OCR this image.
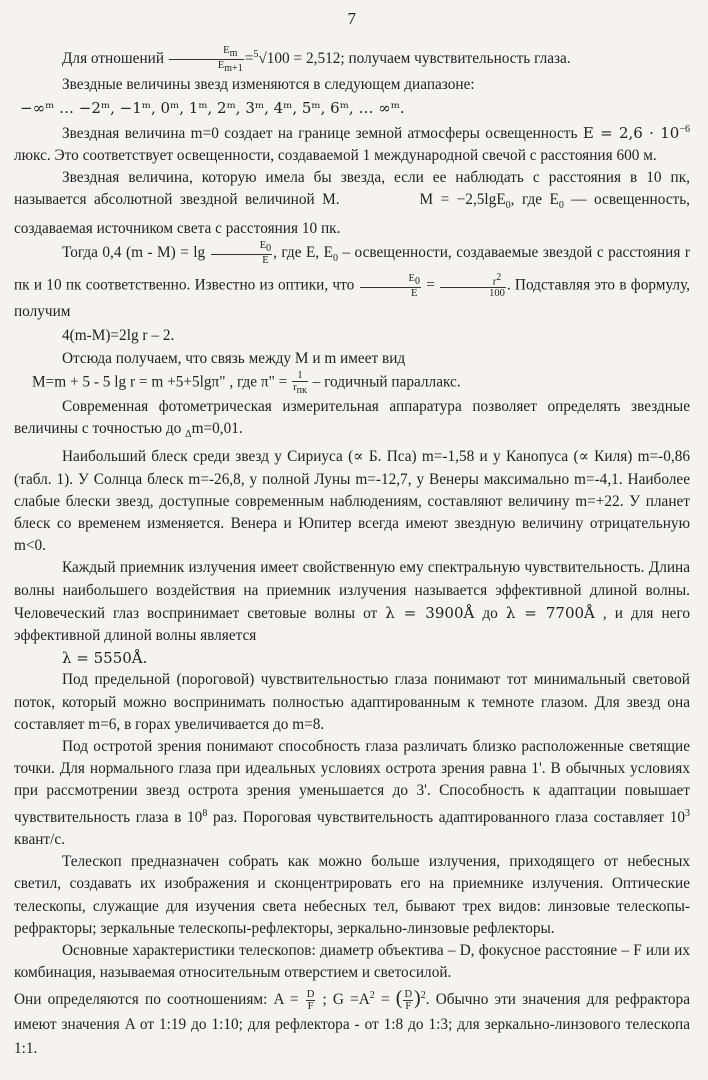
7

Для отношений $\frac{E_m}{E_{m+1}} =^5√100 = 2,512$; получаем чувствительность глаза.

Звездные величины звезд изменяются в следующем диапазоне:

−∞ᵐ … −2ᵐ, −1ᵐ, 0ᵐ, 1ᵐ, 2ᵐ, 3ᵐ, 4ᵐ, 5ᵐ, 6ᵐ, … ∞ᵐ.

Звездная величина m=0 создает на границе земной атмосферы освещенность $E = 2,6 \cdot 10^{-6}$ люкс. Это соответствует освещенности, создаваемой 1 международной свечой с расстояния 600 м.

Звездная величина, которую имела бы звезда, если ее наблюдать с расстояния в 10 пк, называется абсолютной звездной величиной M.	M = −2,5lgE$_0$, где $E_0$ — освещенность, создаваемая источником света с расстояния 10 пк.

Тогда 0,4 $(m - M) = \lg \frac{E_0}{E}$ , где E, $E_0$ – освещенности, создаваемые звездой с расстояния r пк и 10 пк соответственно. Известно из оптики, что $\frac{E_0}{E} = \frac{r^2}{100}$ . Подставляя это в формулу, получим

4(m-M)=2lg r – 2.

Отсюда получаем, что связь между M и m имеет вид

M=m + 5 - 5 lg r = m +5+5lgπ" , где π" = $\frac{1}{r_{пк}}$ – годичный параллакс.

Современная фотометрическая измерительная аппаратура позволяет определять звездные величины с точностью до $_\Delta$m=0,01.

Наибольший блеск среди звезд у Сириуса (∝ Б. Пса) m=-1,58 и у Канопуса (∝ Киля) m=-0,86 (табл. 1). У Солнца блеск m=-26,8, у полной Луны m=-12,7, у Венеры максимально m=-4,1. Наиболее слабые блески звезд, доступные современным наблюдениям, составляют величину m=+22. У планет блеск со временем изменяется. Венера и Юпитер всегда имеют звездную величину отрицательную m<0.

Каждый приемник излучения имеет свойственную ему спектральную чувствительность. Длина волны наибольшего воздействия на приемник излучения называется эффективной длиной волны. Человеческий глаз воспринимает световые волны от λ = 3900Å до λ = 7700Å , и для него эффективной длиной волны является

λ = 5550Å.

Под предельной (пороговой) чувствительностью глаза понимают тот минимальный световой поток, который можно воспринимать полностью адаптированным к темноте глазом. Для звезд она составляет m=6, в горах увеличивается до m=8.

Под остротой зрения понимают способность глаза различать близко расположенные светящие точки. Для нормального глаза при идеальных условиях острота зрения равна 1'. В обычных условиях при рассмотрении звезд острота зрения уменьшается до 3'. Способность к адаптации повышает чувствительность глаза в $10^8$ раз. Пороговая чувствительность адаптированного глаза составляет $10^3$ квант/с.

Телескоп предназначен собрать как можно больше излучения, приходящего от небесных светил, создавать их изображения и сконцентрировать его на приемнике излучения. Оптические телескопы, служащие для изучения света небесных тел, бывают трех видов: линзовые телескопы-рефракторы; зеркальные телескопы-рефлекторы, зеркально-линзовые рефлекторы.

Основные характеристики телескопов: диаметр объектива – D, фокусное расстояние – F или их комбинация, называемая относительным отверстием и светосилой.

Они определяются по соотношениям: $A = \frac{D}{F}$ ; $G =A^2$ = ( $\frac{D}{F} )^2$. Обычно эти значения для рефрактора имеют значения A от 1:19 до 1:10; для рефлектора - от 1:8 до 1:3; для зеркально-линзового телескопа 1:1.
